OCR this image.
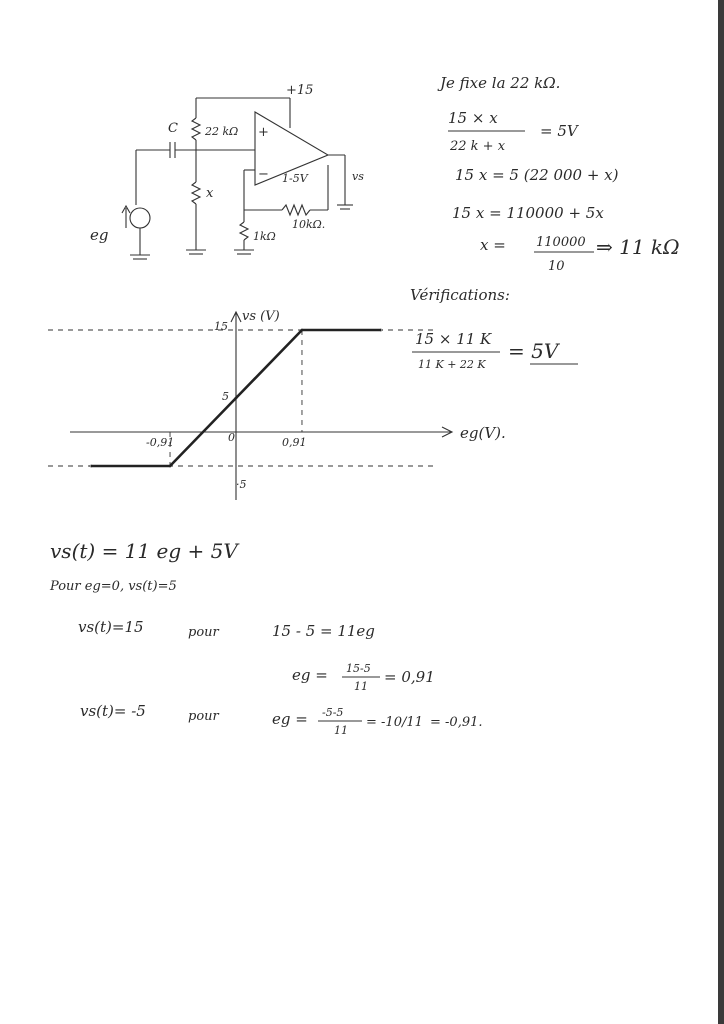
+15
22 kΩ
C	+
−
x
eg
1-5V	vs
10kΩ.
1kΩ
Je fixe la 22 kΩ.
15 × x
22 k + x
= 5V
15 x = 5 (22 000 + x)
15 x = 110000 + 5x
x = 110000
10
⇒ 11 kΩ
Vérifications:
15 × 11 K
11 K + 22 K
= 5V
vs (V)
eg(V).
15
5
·5
-0,91	0	0,91
vs(t) = 11 eg + 5V
Pour eg=0, vs(t)=5
vs(t)=15	pour	15 - 5 = 11eg
eg = 15-5
11
= 0,91
vs(t)= -5	pour	eg = -5-5
11
= -10/11 = -0,91.
